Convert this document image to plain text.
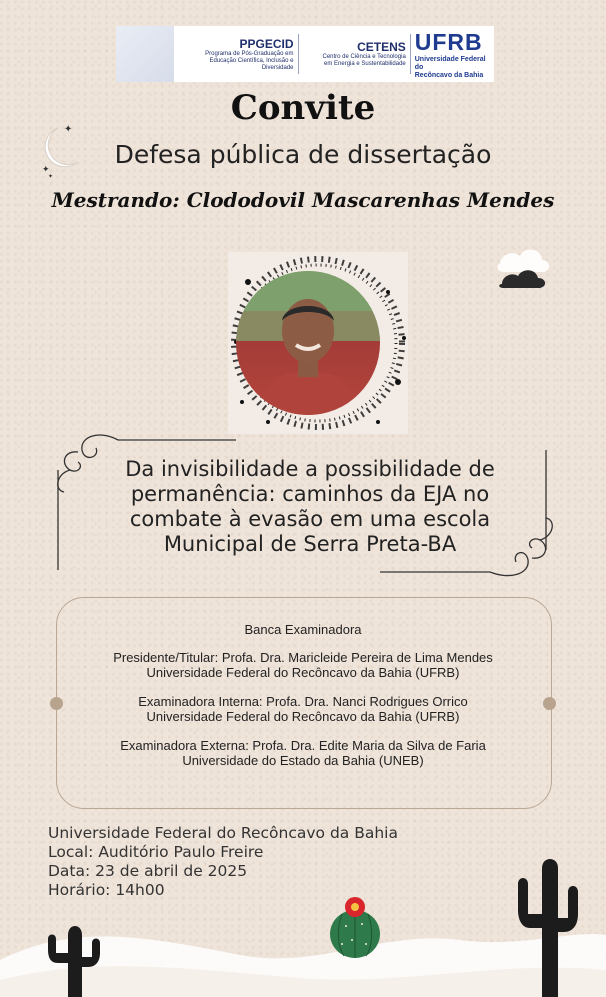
PPGECID
Programa de Pós-Graduação em
Educação Científica, Inclusão e Diversidade
CETENS
Centro de Ciência e Tecnologia
em Energia e Sustentabilidade
UFRB
Universidade Federal do
Recôncavo da Bahia
✦
✦
✦
Convite
Defesa pública de dissertação
Mestrando: Clododovil Mascarenhas Mendes
Da invisibilidade a possibilidade de
permanência: caminhos da EJA no
combate à evasão em uma escola
Municipal de Serra Preta-BA
Banca Examinadora
Presidente/Titular: Profa. Dra. Maricleide Pereira de Lima Mendes
Universidade Federal do Recôncavo da Bahia (UFRB)
Examinadora Interna: Profa. Dra. Nanci Rodrigues Orrico
Universidade Federal do Recôncavo da Bahia (UFRB)
Examinadora Externa: Profa. Dra. Edite Maria da Silva de Faria
Universidade do Estado da Bahia (UNEB)
Universidade Federal do Recôncavo da Bahia
Local: Auditório Paulo Freire
Data: 23 de abril de 2025
Horário: 14h00
